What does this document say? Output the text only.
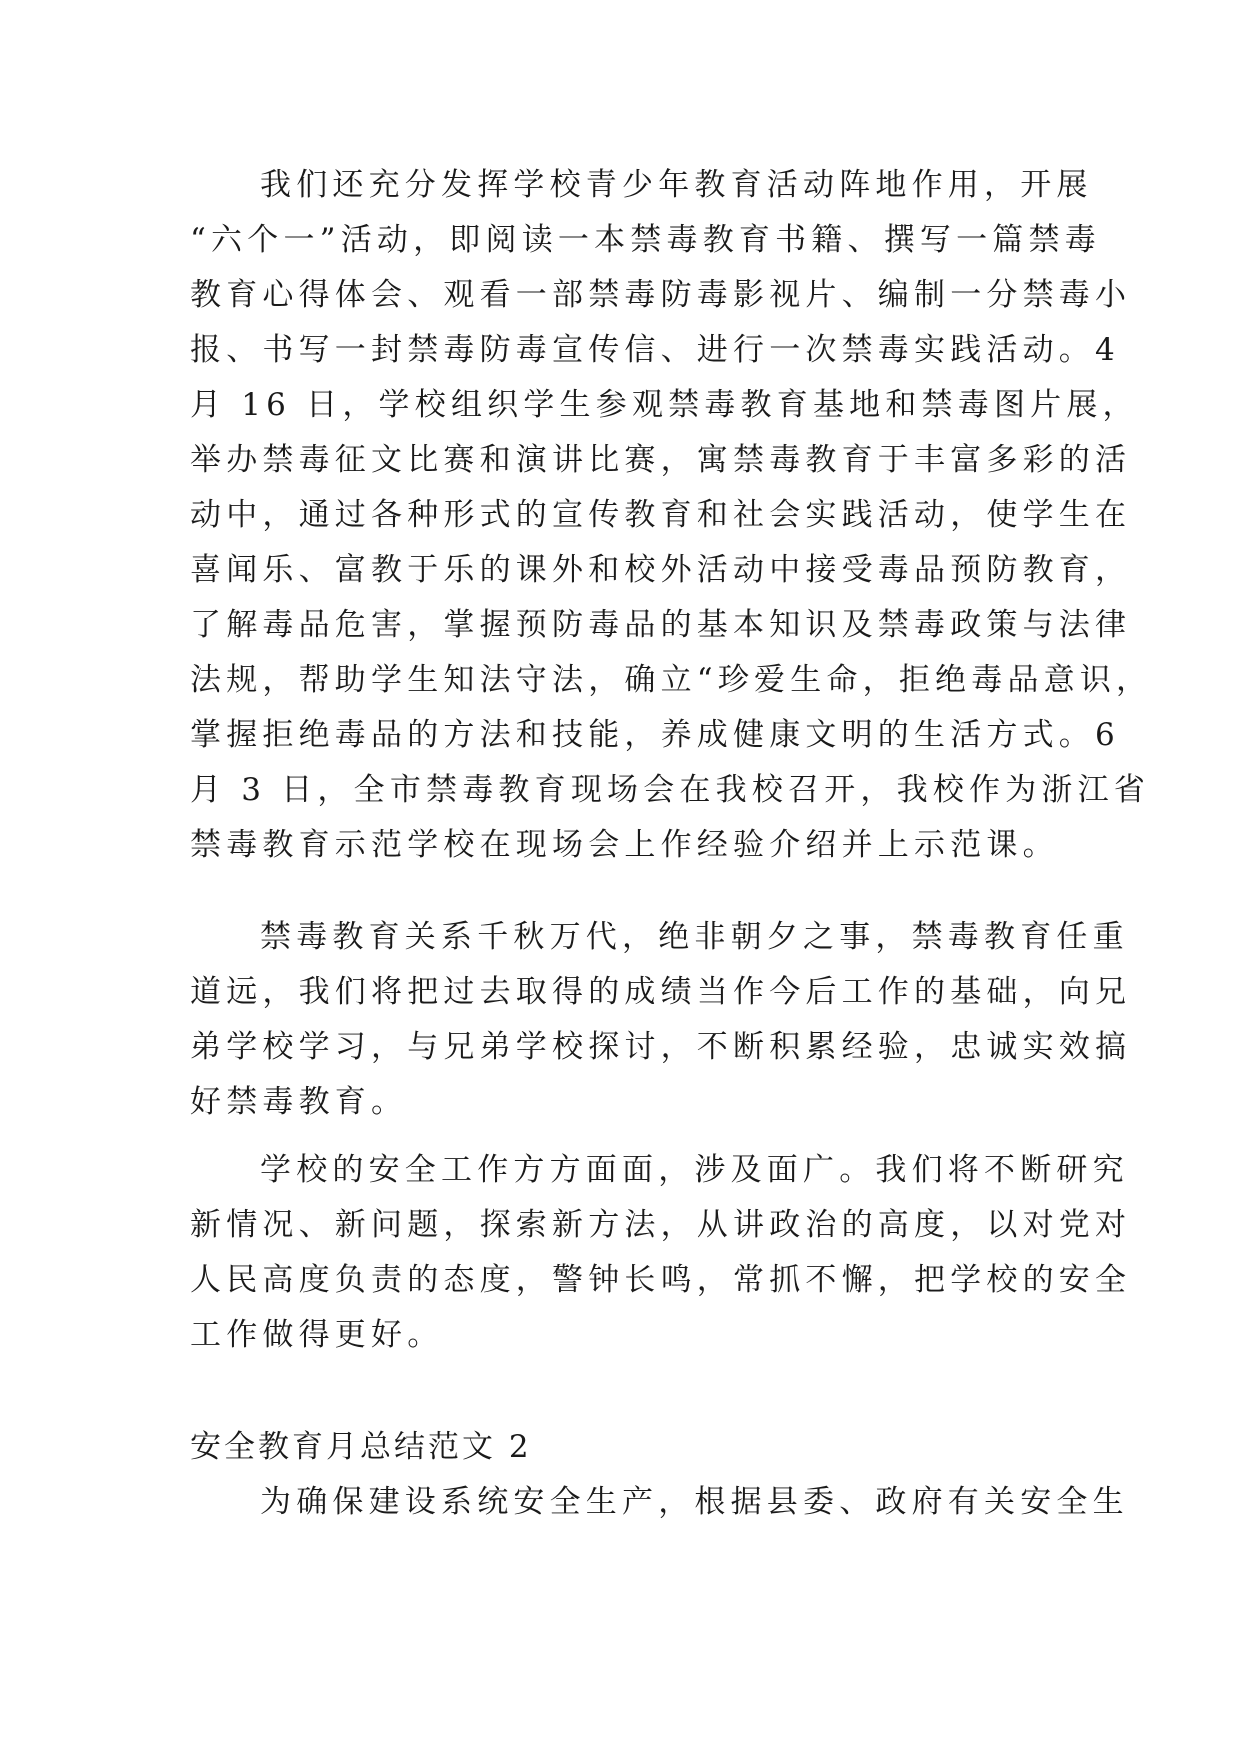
我们还充分发挥学校青少年教育活动阵地作用，开展
“六个一”活动，即阅读一本禁毒教育书籍、撰写一篇禁毒
教育心得体会、观看一部禁毒防毒影视片、编制一分禁毒小
报、书写一封禁毒防毒宣传信、进行一次禁毒实践活动。4
月 16 日，学校组织学生参观禁毒教育基地和禁毒图片展，
举办禁毒征文比赛和演讲比赛，寓禁毒教育于丰富多彩的活
动中，通过各种形式的宣传教育和社会实践活动，使学生在
喜闻乐、富教于乐的课外和校外活动中接受毒品预防教育，
了解毒品危害，掌握预防毒品的基本知识及禁毒政策与法律
法规，帮助学生知法守法，确立“珍爱生命，拒绝毒品意识，
掌握拒绝毒品的方法和技能，养成健康文明的生活方式。6
月 3 日，全市禁毒教育现场会在我校召开，我校作为浙江省
禁毒教育示范学校在现场会上作经验介绍并上示范课。

禁毒教育关系千秋万代，绝非朝夕之事，禁毒教育任重
道远，我们将把过去取得的成绩当作今后工作的基础，向兄
弟学校学习，与兄弟学校探讨，不断积累经验，忠诚实效搞
好禁毒教育。

学校的安全工作方方面面，涉及面广。我们将不断研究
新情况、新问题，探索新方法，从讲政治的高度，以对党对
人民高度负责的态度，警钟长鸣，常抓不懈，把学校的安全
工作做得更好。

安全教育月总结范文 2

为确保建设系统安全生产，根据县委、政府有关安全生
